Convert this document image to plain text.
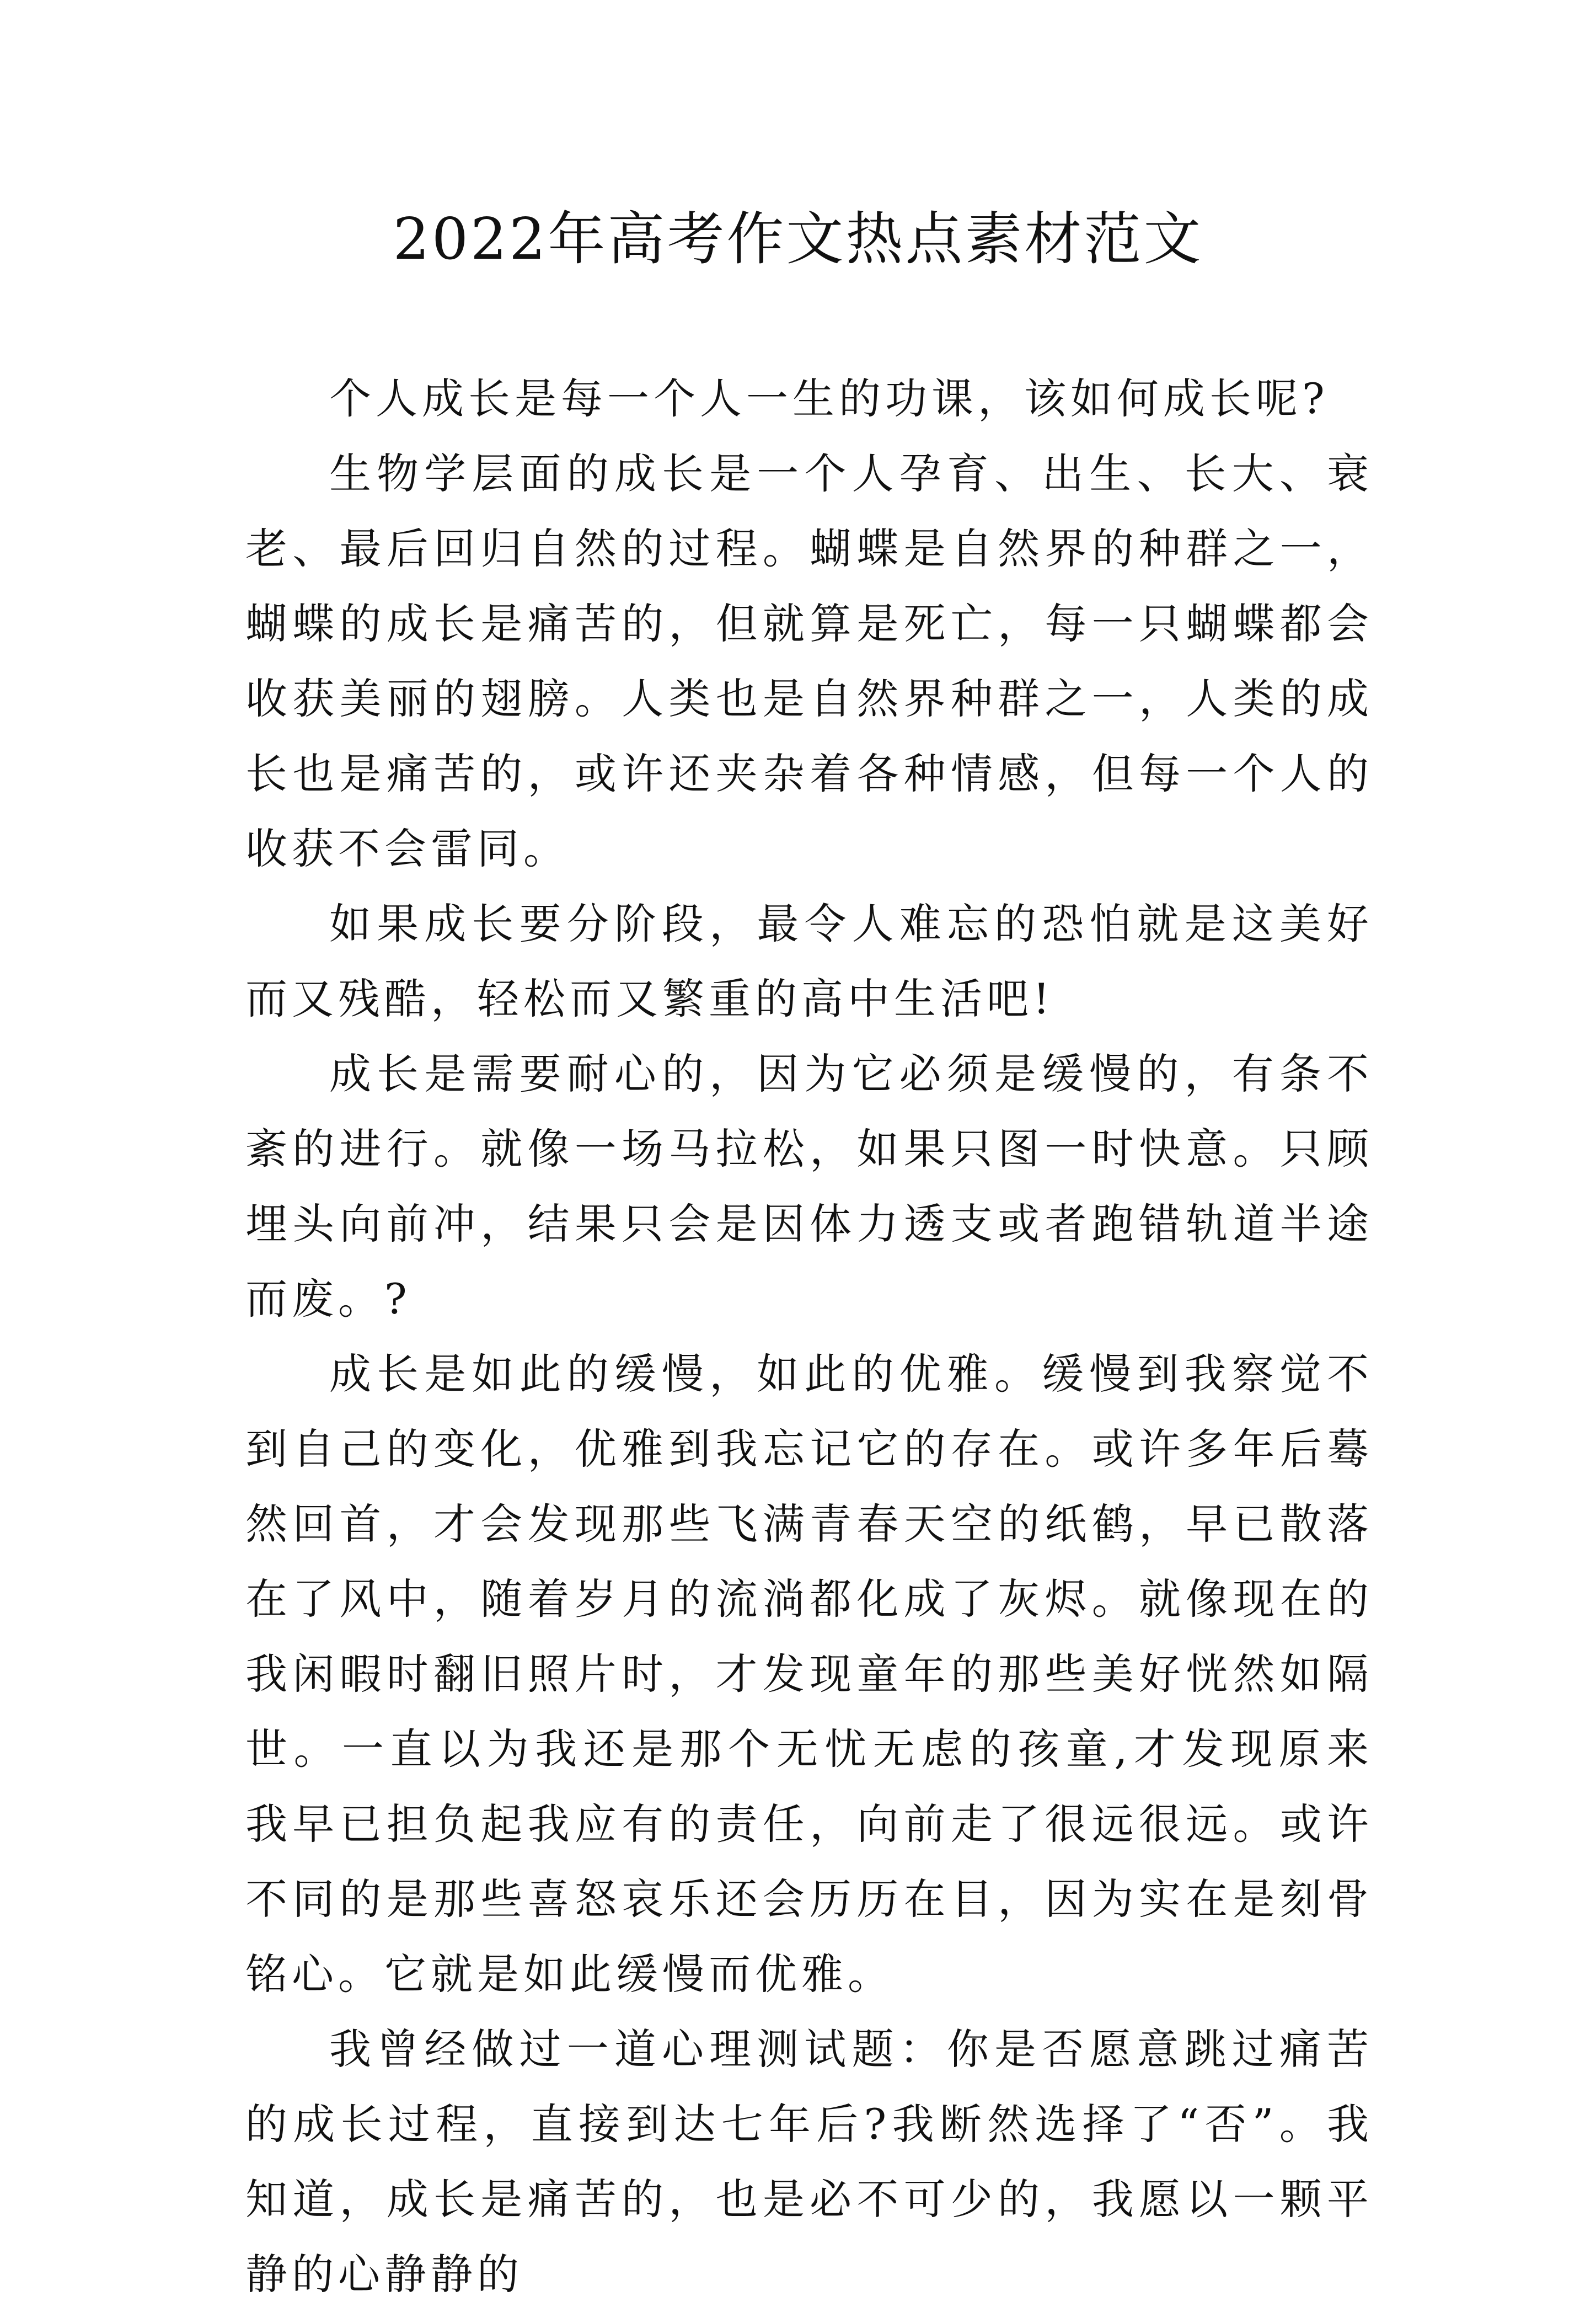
2022年高考作文热点素材范文

个人成长是每一个人一生的功课，该如何成长呢?

生物学层面的成长是一个人孕育、出生、长大、衰老、最后回归自然的过程。蝴蝶是自然界的种群之一，蝴蝶的成长是痛苦的，但就算是死亡，每一只蝴蝶都会收获美丽的翅膀。人类也是自然界种群之一，人类的成长也是痛苦的，或许还夹杂着各种情感，但每一个人的收获不会雷同。

如果成长要分阶段，最令人难忘的恐怕就是这美好而又残酷，轻松而又繁重的高中生活吧!

成长是需要耐心的，因为它必须是缓慢的，有条不紊的进行。就像一场马拉松，如果只图一时快意。只顾埋头向前冲，结果只会是因体力透支或者跑错轨道半途而废。?

成长是如此的缓慢，如此的优雅。缓慢到我察觉不到自己的变化，优雅到我忘记它的存在。或许多年后蓦然回首，才会发现那些飞满青春天空的纸鹤，早已散落在了风中，随着岁月的流淌都化成了灰烬。就像现在的我闲暇时翻旧照片时，才发现童年的那些美好恍然如隔世。一直以为我还是那个无忧无虑的孩童,才发现原来我早已担负起我应有的责任，向前走了很远很远。或许不同的是那些喜怒哀乐还会历历在目，因为实在是刻骨铭心。它就是如此缓慢而优雅。

我曾经做过一道心理测试题：你是否愿意跳过痛苦的成长过程，直接到达七年后?我断然选择了“否”。我知道，成长是痛苦的，也是必不可少的，我愿以一颗平静的心静静的
